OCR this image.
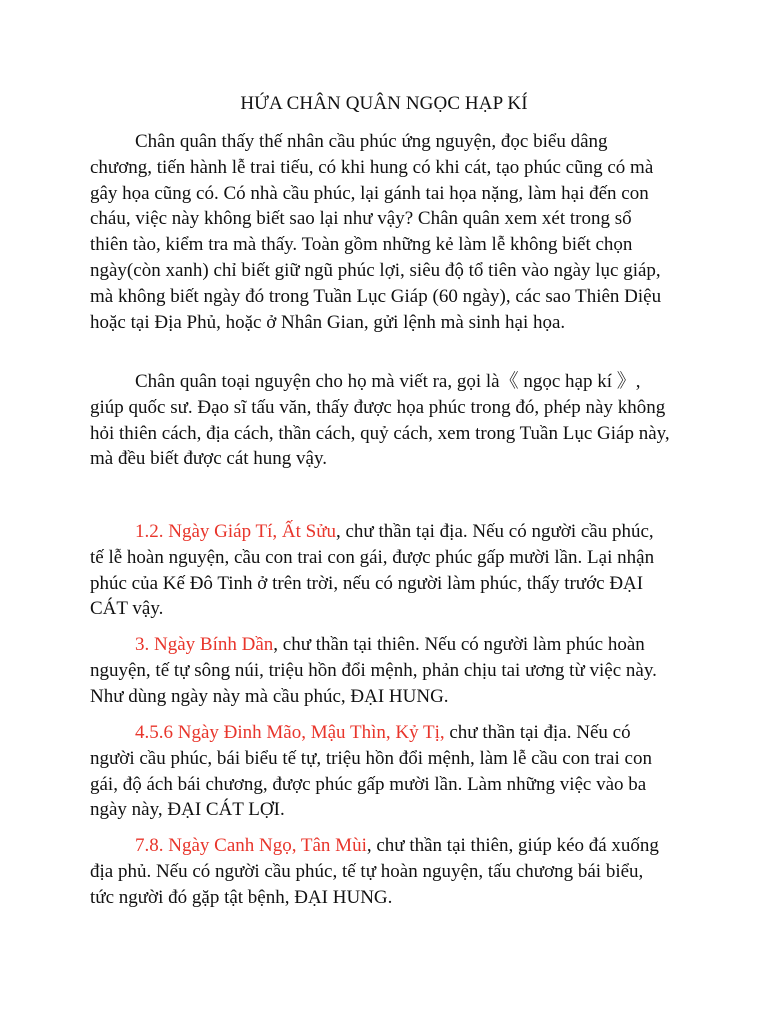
HỨA CHÂN QUÂN NGỌC HẠP KÍ

Chân quân thấy thế nhân cầu phúc ứng nguyện, đọc biểu dâng chương, tiến hành lễ trai tiếu, có khi hung có khi cát, tạo phúc cũng có mà gây họa cũng có. Có nhà cầu phúc, lại gánh tai họa nặng, làm hại đến con cháu, việc này không biết sao lại như vậy? Chân quân xem xét trong sổ thiên tào, kiểm tra mà thấy. Toàn gồm những kẻ làm lễ không biết chọn ngày(còn xanh) chỉ biết giữ ngũ phúc lợi, siêu độ tổ tiên vào ngày lục giáp, mà không biết ngày đó trong Tuần Lục Giáp (60 ngày), các sao Thiên Diệu hoặc tại Địa Phủ, hoặc ở Nhân Gian, gửi lệnh mà sinh hại họa.

Chân quân toại nguyện cho họ mà viết ra, gọi là《 ngọc hạp kí 》, giúp quốc sư. Đạo sĩ tấu văn, thấy được họa phúc trong đó, phép này không hỏi thiên cách, địa cách, thần cách, quỷ cách, xem trong Tuần Lục Giáp này, mà đều biết được cát hung vậy.

1.2. Ngày Giáp Tí, Ất Sửu, chư thần tại địa. Nếu có người cầu phúc, tế lễ hoàn nguyện, cầu con trai con gái, được phúc gấp mười lần. Lại nhận phúc của Kế Đô Tinh ở trên trời, nếu có người làm phúc, thấy trước ĐẠI CÁT vậy.

3. Ngày Bính Dần, chư thần tại thiên. Nếu có người làm phúc hoàn nguyện, tế tự sông núi, triệu hồn đổi mệnh, phản chịu tai ương từ việc này. Như dùng ngày này mà cầu phúc, ĐẠI HUNG.

4.5.6 Ngày Đinh Mão, Mậu Thìn, Kỷ Tị, chư thần tại địa. Nếu có người cầu phúc, bái biểu tế tự, triệu hồn đổi mệnh, làm lễ cầu con trai con gái, độ ách bái chương, được phúc gấp mười lần. Làm những việc vào ba ngày này, ĐẠI CÁT LỢI.

7.8. Ngày Canh Ngọ, Tân Mùi, chư thần tại thiên, giúp kéo đá xuống địa phủ. Nếu có người cầu phúc, tế tự hoàn nguyện, tấu chương bái biểu, tức người đó gặp tật bệnh, ĐẠI HUNG.
